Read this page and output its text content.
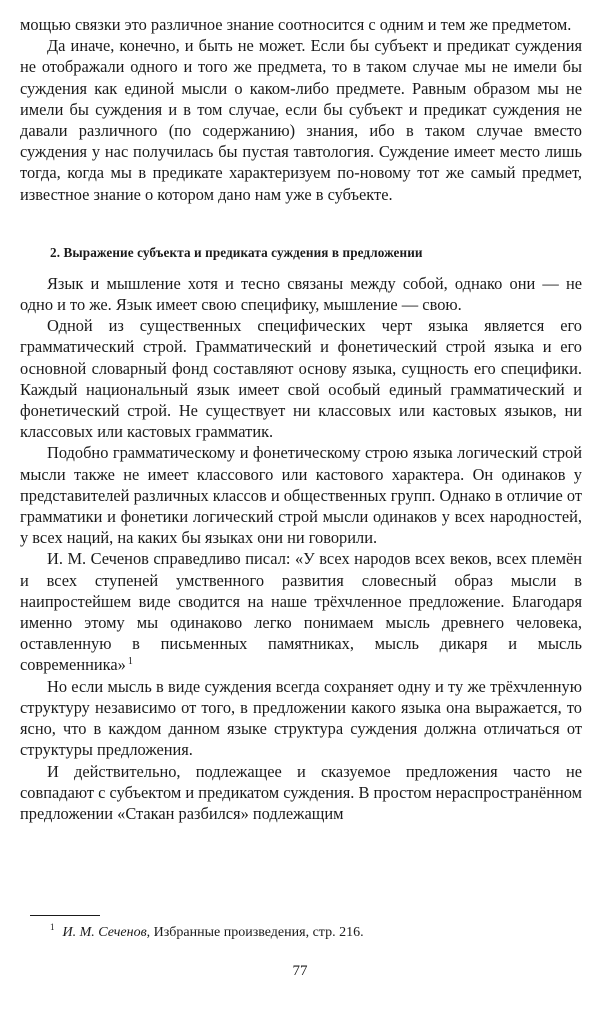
мощью связки это различное знание соотносится с одним и тем же предметом.

Да иначе, конечно, и быть не может. Если бы субъект и предикат суждения не отображали одного и того же предмета, то в таком случае мы не имели бы суждения как единой мысли о каком-либо предмете. Равным образом мы не имели бы суждения и в том случае, если бы субъект и предикат суждения не давали различного (по содержанию) знания, ибо в таком случае вместо суждения у нас получилась бы пустая тавтология. Суждение имеет место лишь тогда, когда мы в предикате характеризуем по-новому тот же самый предмет, известное знание о котором дано нам уже в субъекте.

2. Выражение субъекта и предиката суждения в предложении

Язык и мышление хотя и тесно связаны между собой, однако они — не одно и то же. Язык имеет свою специфику, мышление — свою.

Одной из существенных специфических черт языка является его грамматический строй. Грамматический и фонетический строй языка и его основной словарный фонд составляют основу языка, сущность его специфики. Каждый национальный язык имеет свой особый единый грамматический и фонетический строй. Не существует ни классовых или кастовых языков, ни классовых или кастовых грамматик.

Подобно грамматическому и фонетическому строю языка логический строй мысли также не имеет классового или кастового характера. Он одинаков у представителей различных классов и общественных групп. Однако в отличие от грамматики и фонетики логический строй мысли одинаков у всех народностей, у всех наций, на каких бы языках они ни говорили.

И. М. Сеченов справедливо писал: «У всех народов всех веков, всех племён и всех ступеней умственного развития словесный образ мысли в наипростейшем виде сводится на наше трёхчленное предложение. Благодаря именно этому мы одинаково легко понимаем мысль древнего человека, оставленную в письменных памятниках, мысль дикаря и мысль современника» $^1$

Но если мысль в виде суждения всегда сохраняет одну и ту же трёхчленную структуру независимо от того, в предложении какого языка она выражается, то ясно, что в каждом данном языке структура суждения должна отличаться от структуры предложения.

И действительно, подлежащее и сказуемое предложения часто не совпадают с субъектом и предикатом суждения. В простом нераспространённом предложении «Стакан разбился» подлежащим

$^1$ И. М. Сеченов, Избранные произведения, стр. 216.
77
